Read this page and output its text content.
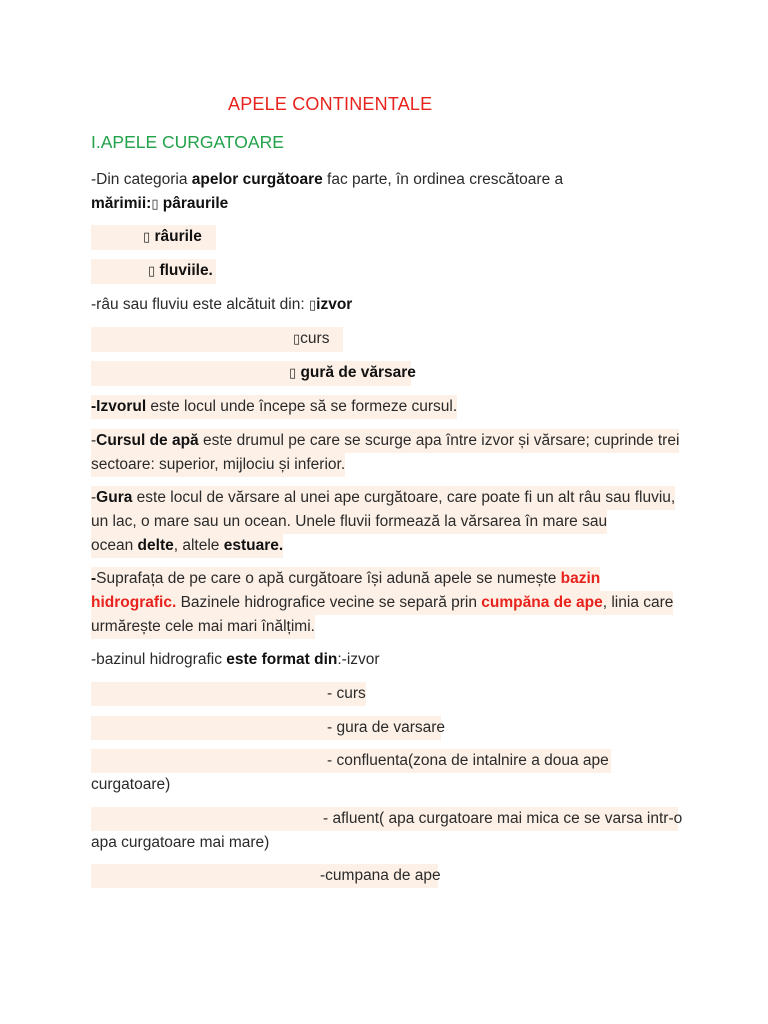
APELE CONTINENTALE
I.APELE CURGATOARE
-Din categoria apelor curgătoare fac parte, în ordinea crescătoare a
mărimii:▯ pâraurile
▯ râurile
▯ fluviile.
-râu sau fluviu este alcătuit din: ▯izvor
▯curs
▯ gură de vărsare
-Izvorul este locul unde începe să se formeze cursul.
-Cursul de apă este drumul pe care se scurge apa între izvor și vărsare; cuprinde trei
sectoare: superior, mijlociu și inferior.
-Gura este locul de vărsare al unei ape curgătoare, care poate fi un alt râu sau fluviu,
un lac, o mare sau un ocean. Unele fluvii formează la vărsarea în mare sau
ocean delte, altele estuare.
-Suprafața de pe care o apă curgătoare își adună apele se numește bazin
hidrografic. Bazinele hidrografice vecine se separă prin cumpăna de ape, linia care
urmărește cele mai mari înălțimi.
-bazinul hidrografic este format din:-izvor
- curs
- gura de varsare
- confluenta(zona de intalnire a doua ape
curgatoare)
- afluent( apa curgatoare mai mica ce se varsa intr-o
apa curgatoare mai mare)
-cumpana de ape
